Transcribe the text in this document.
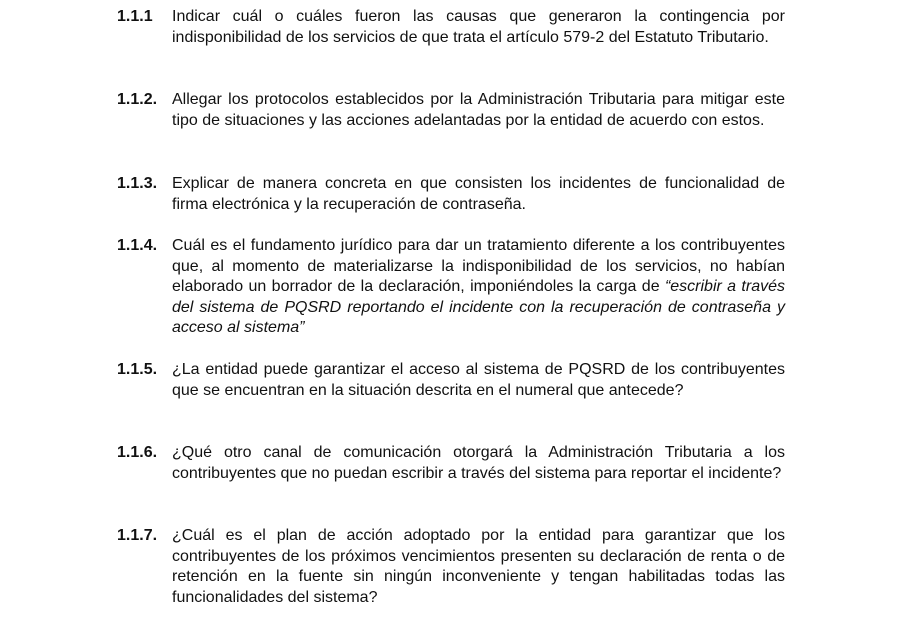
1.1.1	Indicar cuál o cuáles fueron las causas que generaron la contingencia por indisponibilidad de los servicios de que trata el artículo 579-2 del Estatuto Tributario.
1.1.2. Allegar los protocolos establecidos por la Administración Tributaria para mitigar este tipo de situaciones y las acciones adelantadas por la entidad de acuerdo con estos.
1.1.3. Explicar de manera concreta en que consisten los incidentes de funcionalidad de firma electrónica y la recuperación de contraseña.
1.1.4. Cuál es el fundamento jurídico para dar un tratamiento diferente a los contribuyentes que, al momento de materializarse la indisponibilidad de los servicios, no habían elaborado un borrador de la declaración, imponiéndoles la carga de “escribir a través del sistema de PQSRD reportando el incidente con la recuperación de contraseña y acceso al sistema”
1.1.5. ¿La entidad puede garantizar el acceso al sistema de PQSRD de los contribuyentes que se encuentran en la situación descrita en el numeral que antecede?
1.1.6. ¿Qué otro canal de comunicación otorgará la Administración Tributaria a los contribuyentes que no puedan escribir a través del sistema para reportar el incidente?
1.1.7. ¿Cuál es el plan de acción adoptado por la entidad para garantizar que los contribuyentes de los próximos vencimientos presenten su declaración de renta o de retención en la fuente sin ningún inconveniente y tengan habilitadas todas las funcionalidades del sistema?
